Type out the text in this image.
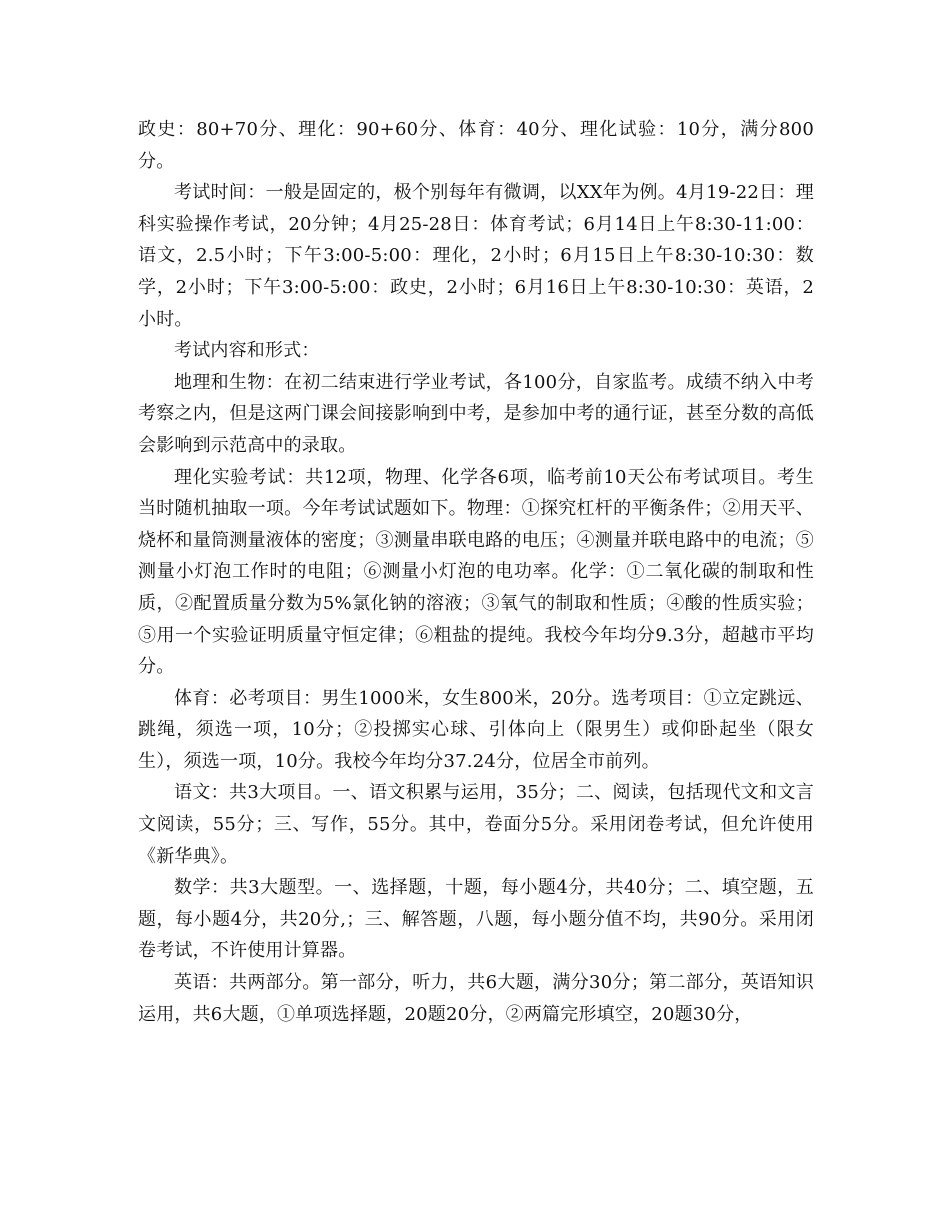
政史：80+70分、理化：90+60分、体育：40分、理化试验：10分，满分800分。

考试时间：一般是固定的，极个别每年有微调，以XX年为例。4月19-22日：理科实验操作考试，20分钟；4月25-28日：体育考试；6月14日上午8:30-11:00：语文，2.5小时；下午3:00-5:00：理化，2小时；6月15日上午8:30-10:30：数学，2小时；下午3:00-5:00：政史，2小时；6月16日上午8:30-10:30：英语，2小时。

考试内容和形式：

地理和生物：在初二结束进行学业考试，各100分，自家监考。成绩不纳入中考考察之内，但是这两门课会间接影响到中考，是参加中考的通行证，甚至分数的高低会影响到示范高中的录取。

理化实验考试：共12项，物理、化学各6项，临考前10天公布考试项目。考生当时随机抽取一项。今年考试试题如下。物理：①探究杠杆的平衡条件；②用天平、烧杯和量筒测量液体的密度；③测量串联电路的电压；④测量并联电路中的电流；⑤测量小灯泡工作时的电阻；⑥测量小灯泡的电功率。化学：①二氧化碳的制取和性质，②配置质量分数为5%氯化钠的溶液；③氧气的制取和性质；④酸的性质实验；⑤用一个实验证明质量守恒定律；⑥粗盐的提纯。我校今年均分9.3分，超越市平均分。

体育：必考项目：男生1000米，女生800米，20分。选考项目：①立定跳远、跳绳，须选一项，10分；②投掷实心球、引体向上（限男生）或仰卧起坐（限女生），须选一项，10分。我校今年均分37.24分，位居全市前列。

语文：共3大项目。一、语文积累与运用，35分；二、阅读，包括现代文和文言文阅读，55分；三、写作，55分。其中，卷面分5分。采用闭卷考试，但允许使用《新华典》。

数学：共3大题型。一、选择题，十题，每小题4分，共40分；二、填空题，五题，每小题4分，共20分,；三、解答题，八题，每小题分值不均，共90分。采用闭卷考试，不许使用计算器。

英语：共两部分。第一部分，听力，共6大题，满分30分；第二部分，英语知识运用，共6大题，①单项选择题，20题20分，②两篇完形填空，20题30分，
